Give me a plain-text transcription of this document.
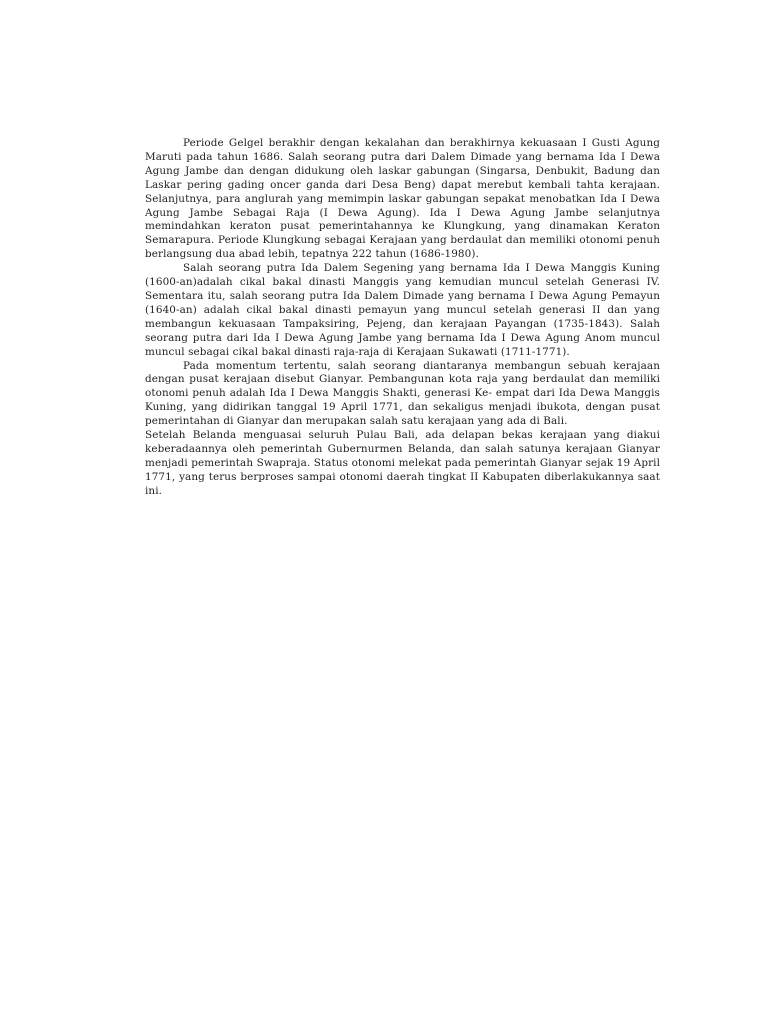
Periode Gelgel berakhir dengan kekalahan dan berakhirnya kekuasaan I Gusti Agung Maruti pada tahun 1686. Salah seorang putra dari Dalem Dimade yang bernama Ida I Dewa Agung Jambe dan dengan didukung oleh laskar gabungan (Singarsa, Denbukit, Badung dan Laskar pering gading oncer ganda dari Desa Beng) dapat merebut kembali tahta kerajaan. Selanjutnya, para anglurah yang memimpin laskar gabungan sepakat menobatkan Ida I Dewa Agung Jambe Sebagai Raja (I Dewa Agung). Ida I Dewa Agung Jambe selanjutnya memindahkan keraton pusat pemerintahannya ke Klungkung, yang dinamakan Keraton Semarapura. Periode Klungkung sebagai Kerajaan yang berdaulat dan memiliki otonomi penuh berlangsung dua abad lebih, tepatnya 222 tahun (1686-1980).

Salah seorang putra Ida Dalem Segening yang bernama Ida I Dewa Manggis Kuning (1600-an)adalah cikal bakal dinasti Manggis yang kemudian muncul setelah Generasi IV. Sementara itu, salah seorang putra Ida Dalem Dimade yang bernama I Dewa Agung Pemayun (1640-an) adalah cikal bakal dinasti pemayun yang muncul setelah generasi II dan yang membangun kekuasaan Tampaksiring, Pejeng, dan kerajaan Payangan (1735-1843). Salah seorang putra dari Ida I Dewa Agung Jambe yang bernama Ida I Dewa Agung Anom muncul muncul sebagai cikal bakal dinasti raja-raja di Kerajaan Sukawati (1711-1771).

Pada momentum tertentu, salah seorang diantaranya membangun sebuah kerajaan dengan pusat kerajaan disebut Gianyar. Pembangunan kota raja yang berdaulat dan memiliki otonomi penuh adalah Ida I Dewa Manggis Shakti, generasi Ke- empat dari Ida Dewa Manggis Kuning, yang didirikan tanggal 19 April 1771, dan sekaligus menjadi ibukota, dengan pusat pemerintahan di Gianyar dan merupakan salah satu kerajaan yang ada di Bali.

Setelah Belanda menguasai seluruh Pulau Bali, ada delapan bekas kerajaan yang diakui keberadaannya oleh pemerintah Gubernurmen Belanda, dan salah satunya kerajaan Gianyar menjadi pemerintah Swapraja. Status otonomi melekat pada pemerintah Gianyar sejak 19 April 1771, yang terus berproses sampai otonomi daerah tingkat II Kabupaten diberlakukannya saat ini.
